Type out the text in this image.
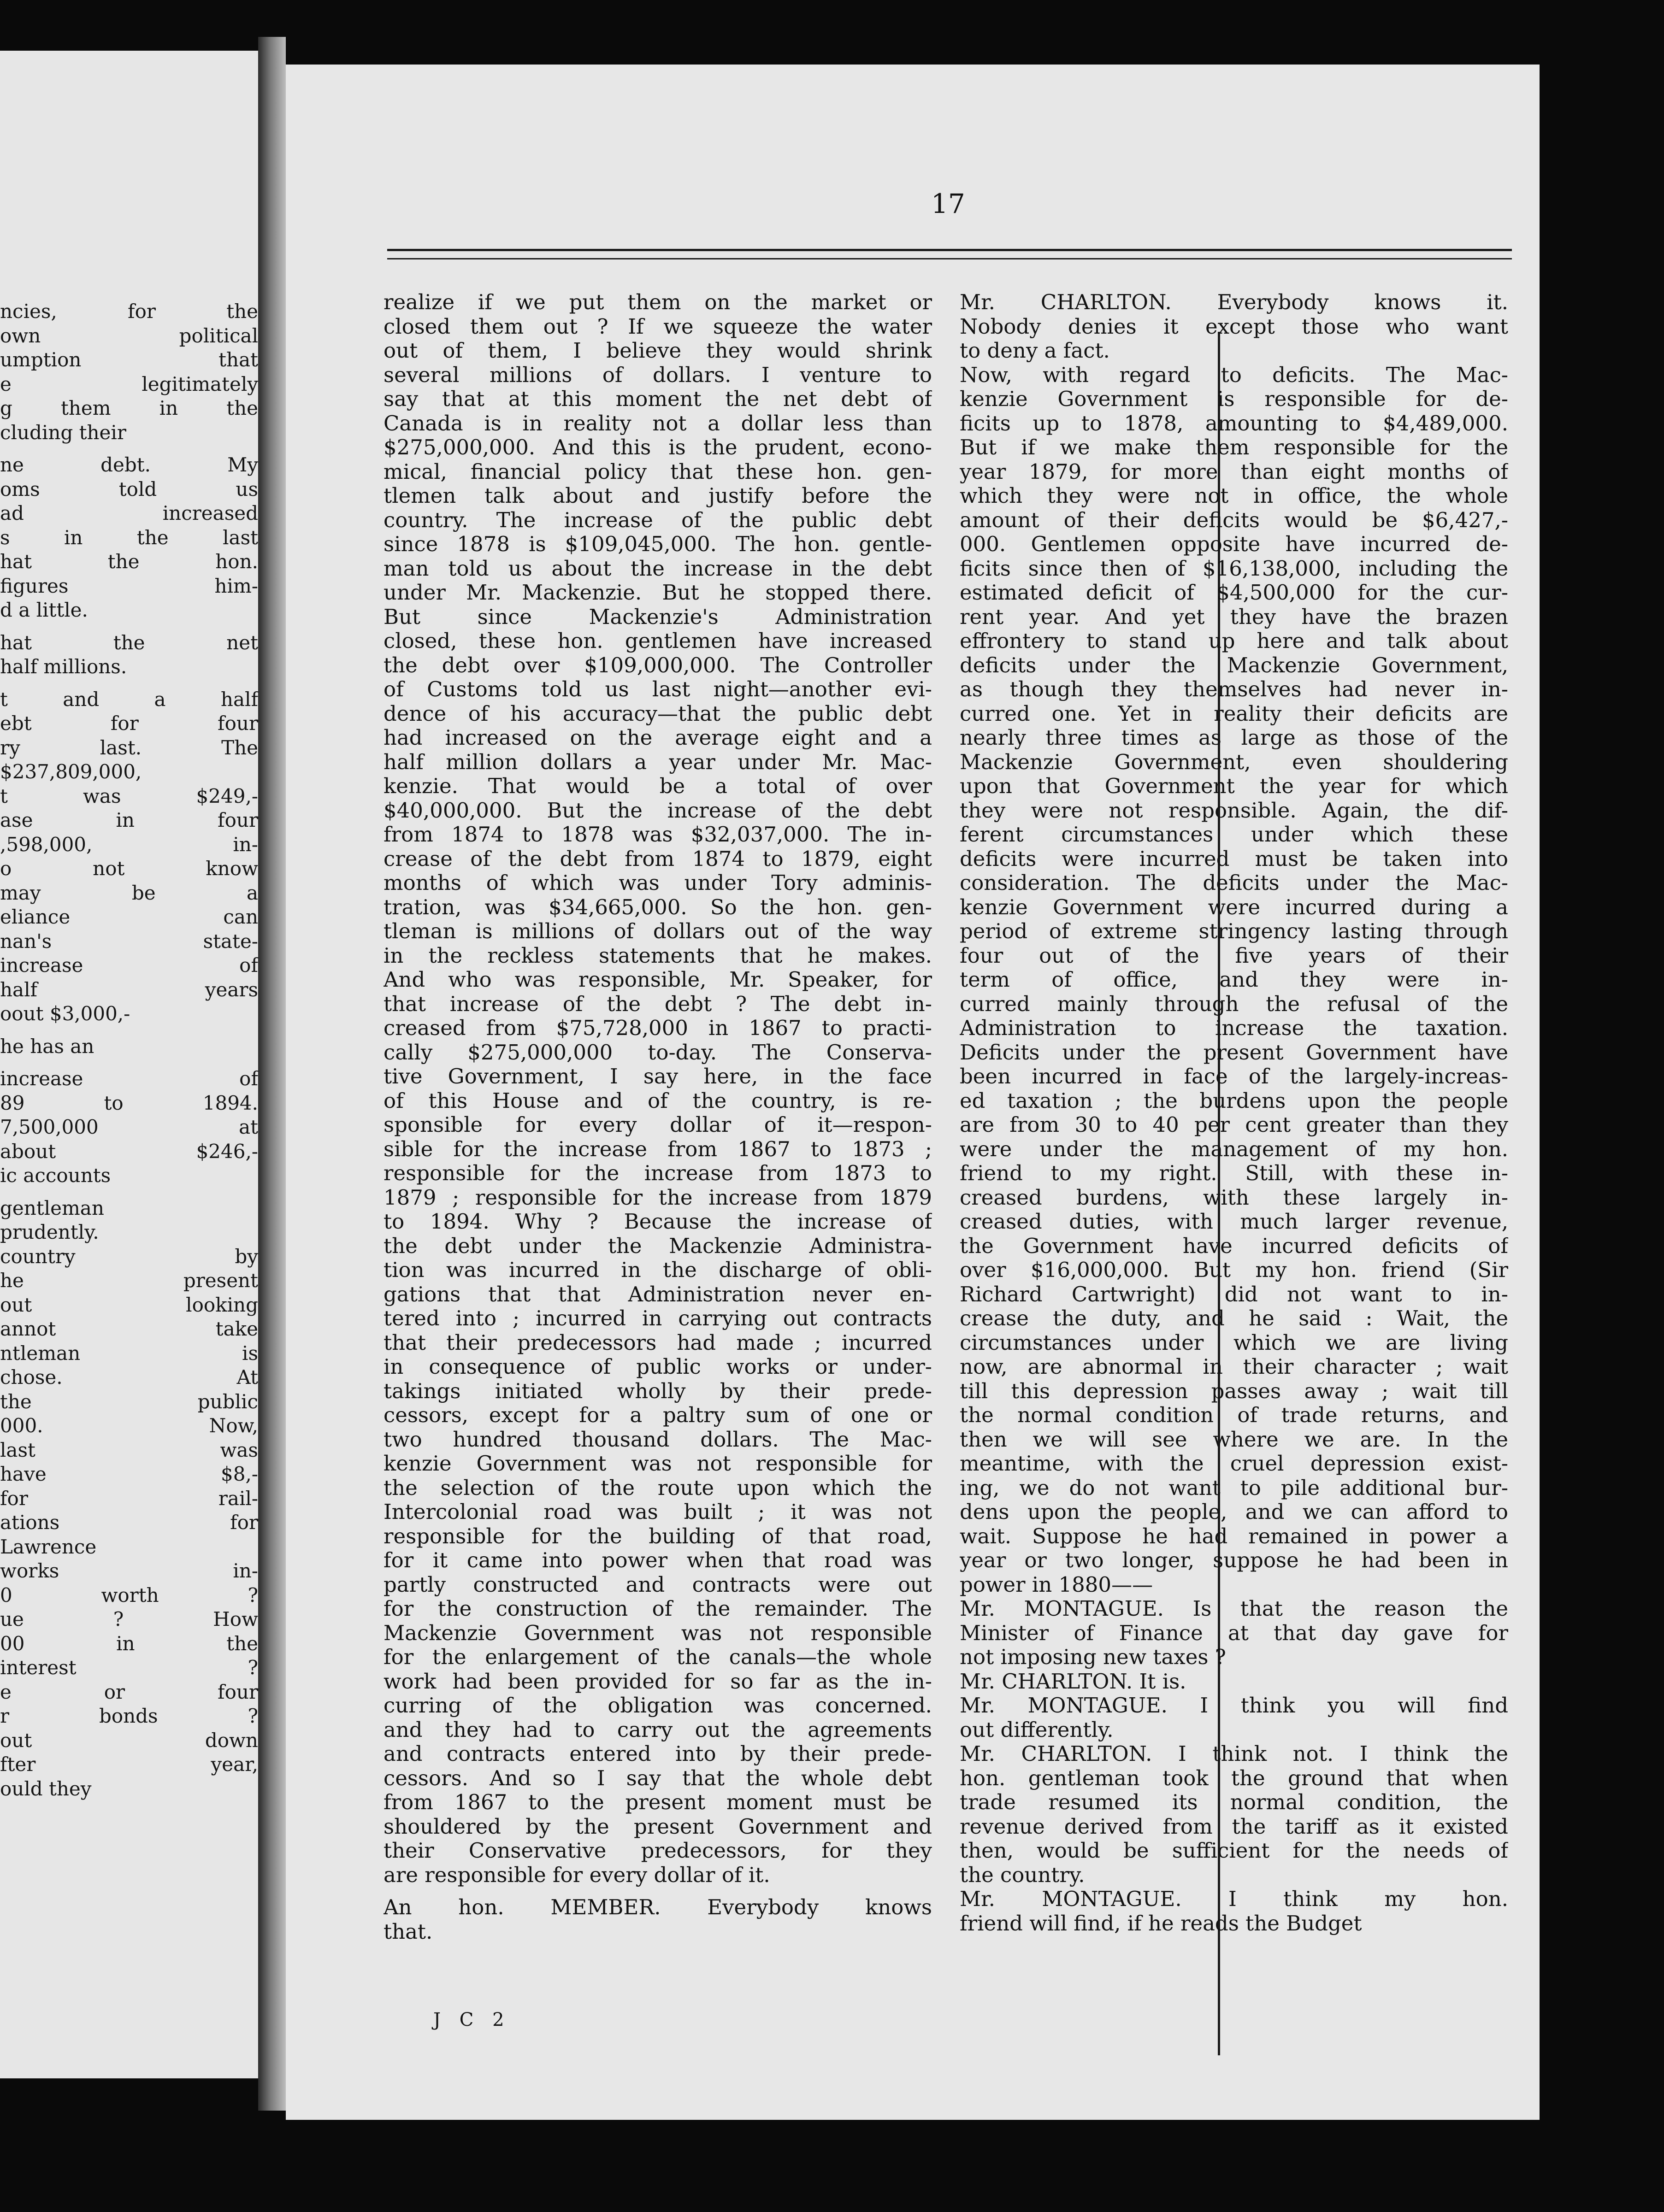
ncies, for the
own political
umption that
e legitimately
g them in the
cluding their
ne debt. My
oms told us
ad increased
s in the last
hat the hon.
figures him-
d a little.
hat the net
half millions.
t and a half
ebt for four
ry last. The
$237,809,000,
t was $249,-
ase in four
,598,000, in-
o not know
may be a
eliance can
nan's state-
increase of
half years
oout $3,000,-
he has an
increase of
89 to 1894.
7,500,000 at
about $246,-
ic accounts
gentleman
prudently.
country by
he present
out looking
annot take
ntleman is
chose. At
the public
000. Now,
last was
have $8,-
for rail-
ations for
Lawrence
works in-
0 worth ?
ue ? How
00 in the
interest ?
e or four
r bonds ?
out down
fter year,
ould they
17
realize if we put them on the market or
closed them out ? If we squeeze the water
out of them, I believe they would shrink
several millions of dollars. I venture to
say that at this moment the net debt of
Canada is in reality not a dollar less than
$275,000,000. And this is the prudent, econo-
mical, financial policy that these hon. gen-
tlemen talk about and justify before the
country. The increase of the public debt
since 1878 is $109,045,000. The hon. gentle-
man told us about the increase in the debt
under Mr. Mackenzie. But he stopped there.
But since Mackenzie's Administration
closed, these hon. gentlemen have increased
the debt over $109,000,000. The Controller
of Customs told us last night—another evi-
dence of his accuracy—that the public debt
had increased on the average eight and a
half million dollars a year under Mr. Mac-
kenzie. That would be a total of over
$40,000,000. But the increase of the debt
from 1874 to 1878 was $32,037,000. The in-
crease of the debt from 1874 to 1879, eight
months of which was under Tory adminis-
tration, was $34,665,000. So the hon. gen-
tleman is millions of dollars out of the way
in the reckless statements that he makes.
And who was responsible, Mr. Speaker, for
that increase of the debt ? The debt in-
creased from $75,728,000 in 1867 to practi-
cally $275,000,000 to-day. The Conserva-
tive Government, I say here, in the face
of this House and of the country, is re-
sponsible for every dollar of it—respon-
sible for the increase from 1867 to 1873 ;
responsible for the increase from 1873 to
1879 ; responsible for the increase from 1879
to 1894. Why ? Because the increase of
the debt under the Mackenzie Administra-
tion was incurred in the discharge of obli-
gations that that Administration never en-
tered into ; incurred in carrying out contracts
that their predecessors had made ; incurred
in consequence of public works or under-
takings initiated wholly by their prede-
cessors, except for a paltry sum of one or
two hundred thousand dollars. The Mac-
kenzie Government was not responsible for
the selection of the route upon which the
Intercolonial road was built ; it was not
responsible for the building of that road,
for it came into power when that road was
partly constructed and contracts were out
for the construction of the remainder. The
Mackenzie Government was not responsible
for the enlargement of the canals—the whole
work had been provided for so far as the in-
curring of the obligation was concerned.
and they had to carry out the agreements
and contracts entered into by their prede-
cessors. And so I say that the whole debt
from 1867 to the present moment must be
shouldered by the present Government and
their Conservative predecessors, for they
are responsible for every dollar of it.
An hon. MEMBER. Everybody knows
that.
Mr. CHARLTON. Everybody knows it.
Nobody denies it except those who want
to deny a fact.
Now, with regard to deficits. The Mac-
kenzie Government is responsible for de-
ficits up to 1878, amounting to $4,489,000.
But if we make them responsible for the
year 1879, for more than eight months of
which they were not in office, the whole
amount of their deficits would be $6,427,-
000. Gentlemen opposite have incurred de-
ficits since then of $16,138,000, including the
estimated deficit of $4,500,000 for the cur-
rent year. And yet they have the brazen
effrontery to stand up here and talk about
deficits under the Mackenzie Government,
as though they themselves had never in-
curred one. Yet in reality their deficits are
nearly three times as large as those of the
Mackenzie Government, even shouldering
upon that Government the year for which
they were not responsible. Again, the dif-
ferent circumstances under which these
deficits were incurred must be taken into
consideration. The deficits under the Mac-
kenzie Government were incurred during a
period of extreme stringency lasting through
four out of the five years of their
term of office, and they were in-
curred mainly through the refusal of the
Administration to increase the taxation.
Deficits under the present Government have
been incurred in face of the largely-increas-
ed taxation ; the burdens upon the people
are from 30 to 40 per cent greater than they
were under the management of my hon.
friend to my right. Still, with these in-
creased burdens, with these largely in-
creased duties, with much larger revenue,
the Government have incurred deficits of
over $16,000,000. But my hon. friend (Sir
Richard Cartwright) did not want to in-
crease the duty, and he said : Wait, the
circumstances under which we are living
now, are abnormal in their character ; wait
till this depression passes away ; wait till
the normal condition of trade returns, and
then we will see where we are. In the
meantime, with the cruel depression exist-
ing, we do not want to pile additional bur-
dens upon the people, and we can afford to
wait. Suppose he had remained in power a
year or two longer, suppose he had been in
power in 1880——
Mr. MONTAGUE. Is that the reason the
Minister of Finance at that day gave for
not imposing new taxes ?
Mr. CHARLTON. It is.
Mr. MONTAGUE. I think you will find
out differently.
Mr. CHARLTON. I think not. I think the
hon. gentleman took the ground that when
trade resumed its normal condition, the
revenue derived from the tariff as it existed
then, would be sufficient for the needs of
the country.
Mr. MONTAGUE. I think my hon.
friend will find, if he reads the Budget
J C 2
